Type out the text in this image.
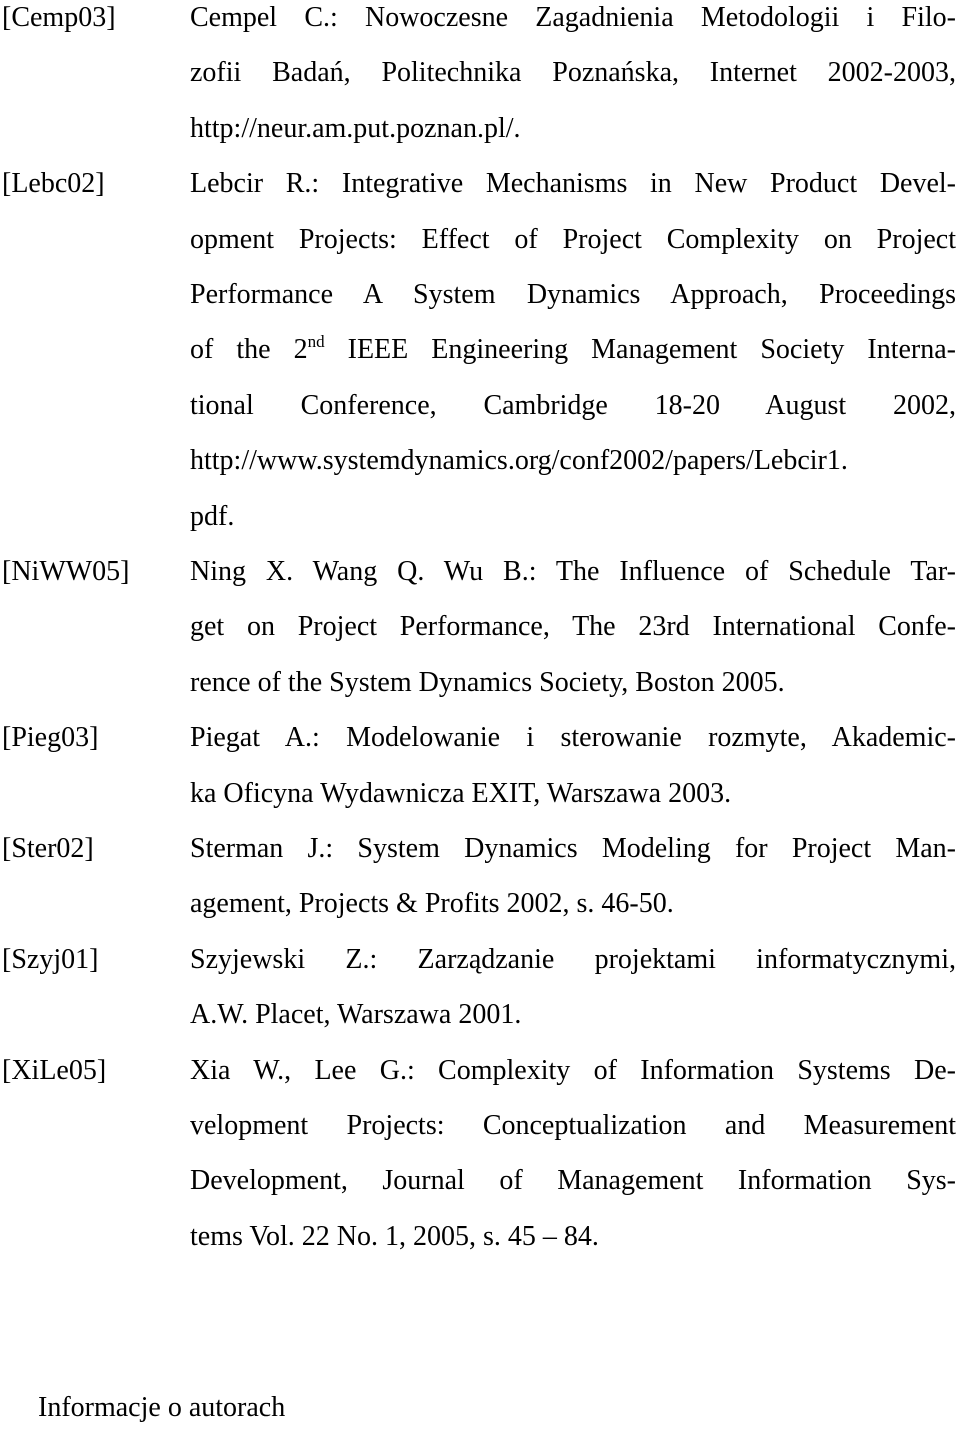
[Cemp03]	Cempel C.: Nowoczesne Zagadnienia Metodologii i Filo-
zofii Badań, Politechnika Poznańska, Internet 2002-2003,
http://neur.am.put.poznan.pl/.
[Lebc02]	Lebcir R.: Integrative Mechanisms in New Product Devel-
opment Projects: Effect of Project Complexity on Project
Performance A System Dynamics Approach, Proceedings
of the 2nd IEEE Engineering Management Society Interna-
tional Conference, Cambridge 18-20 August 2002,
http://www.systemdynamics.org/conf2002/papers/Lebcir1.
pdf.
[NiWW05] Ning X. Wang Q. Wu B.: The Influence of Schedule Tar-
get on Project Performance, The 23rd International Confe-
rence of the System Dynamics Society, Boston 2005.
[Pieg03]	Piegat A.: Modelowanie i sterowanie rozmyte, Akademic-
ka Oficyna Wydawnicza EXIT, Warszawa 2003.
[Ster02]	Sterman J.: System Dynamics Modeling for Project Man-
agement, Projects & Profits 2002, s. 46-50.
[Szyj01]	Szyjewski Z.: Zarządzanie projektami informatycznymi,
A.W. Placet, Warszawa 2001.
[XiLe05]	Xia W., Lee G.: Complexity of Information Systems De-
velopment Projects: Conceptualization and Measurement
Development, Journal of Management Information Sys-
tems Vol. 22 No. 1, 2005, s. 45 – 84.
Informacje o autorach
